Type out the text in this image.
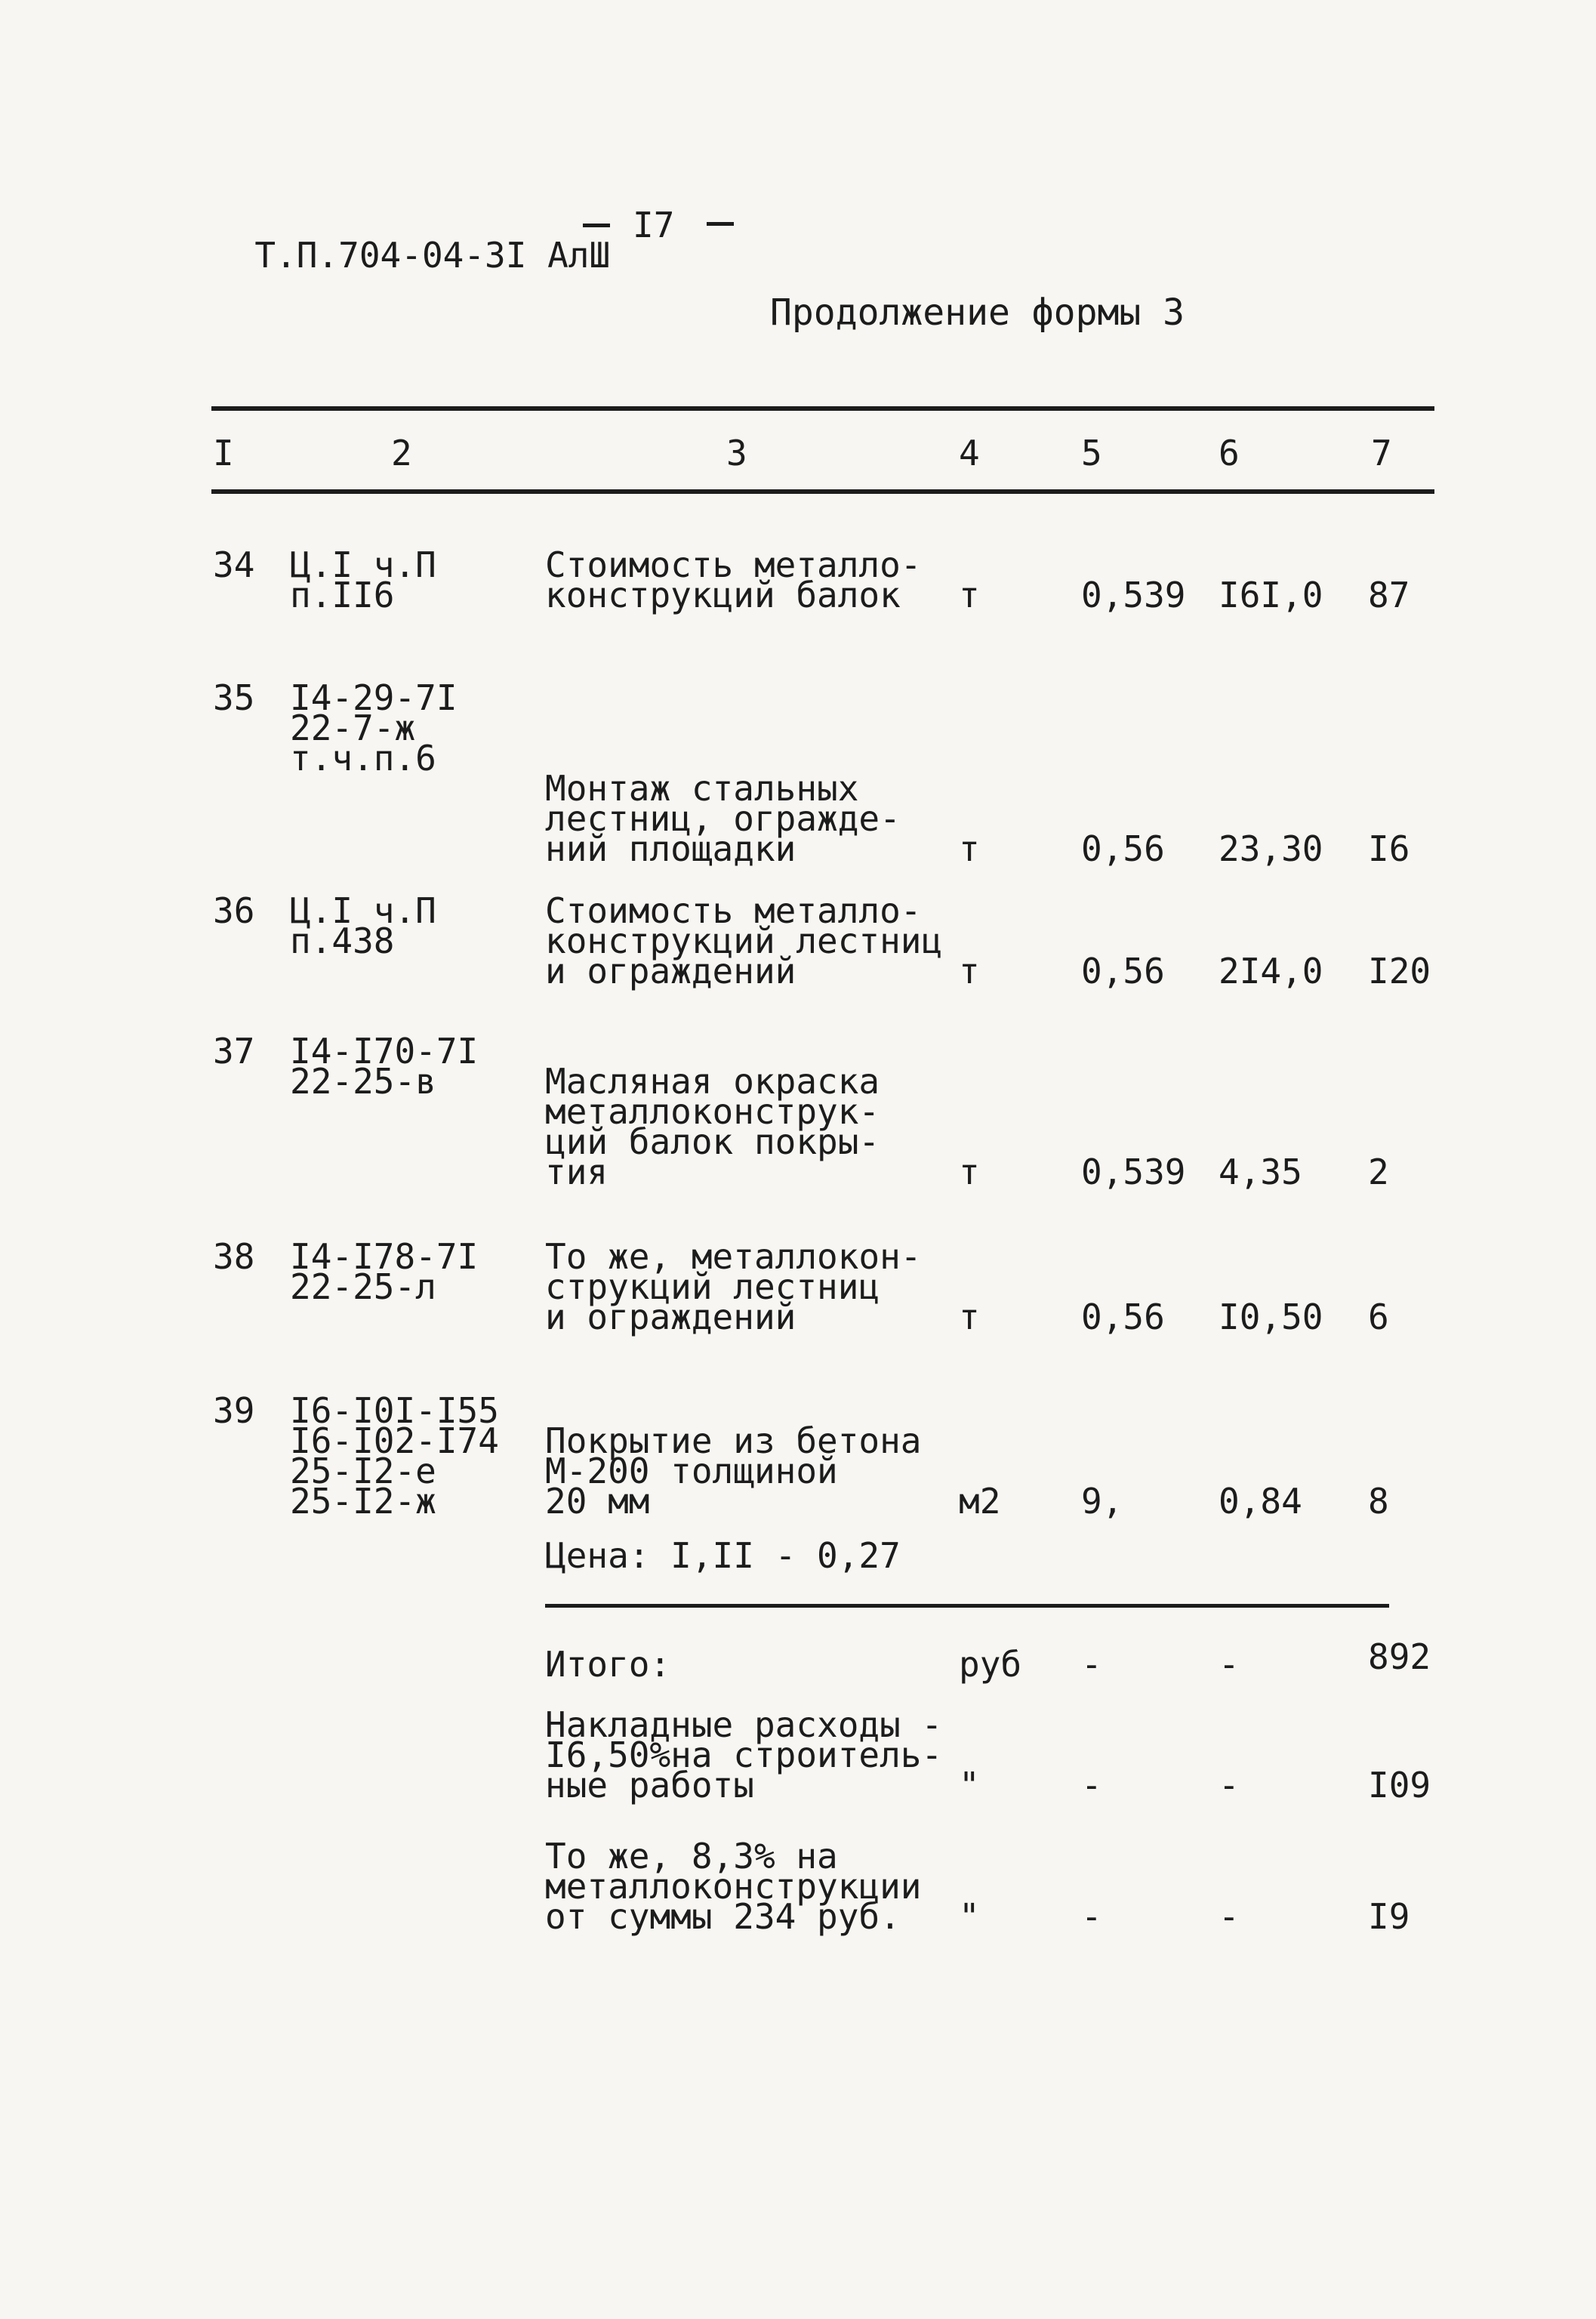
Т.П.704-04-3I АлШ

I7
Продолжение формы 3
I	2	3	4	5	6	7
34 Ц.I ч.П
п.II6
Стоимость металло-
конструкций балок т	0,539 I6I,0 87
35 I4-29-7I
22-7-ж
т.ч.п.6
Монтаж стальных
лестниц, огражде-
ний площадки	т	0,56 23,30 I6
36 Ц.I ч.П
п.438
Стоимость металло-
конструкций лестниц
и ограждений	т	0,56 2I4,0 I20
37 I4-I70-7I
22-25-в	Масляная окраска
металлоконструк-
ций балок покры-
тия	т	0,539 4,35 2
38 I4-I78-7I
22-25-л
То же, металлокон-
струкций лестниц
и ограждений	т	0,56 I0,50 6
39 I6-I0I-I55
I6-I02-I74
25-I2-е
25-I2-ж
Покрытие из бетона
М-200 толщиной
20 мм	м2 9,	0,84 8
Цена: I,II - 0,27
Итого:	руб -	-	892
Накладные расходы -
I6,50%на строитель-
ные работы	"	-	-	I09
То же, 8,3% на
металлоконструкции
от суммы 234 руб. "	-	-	I9
